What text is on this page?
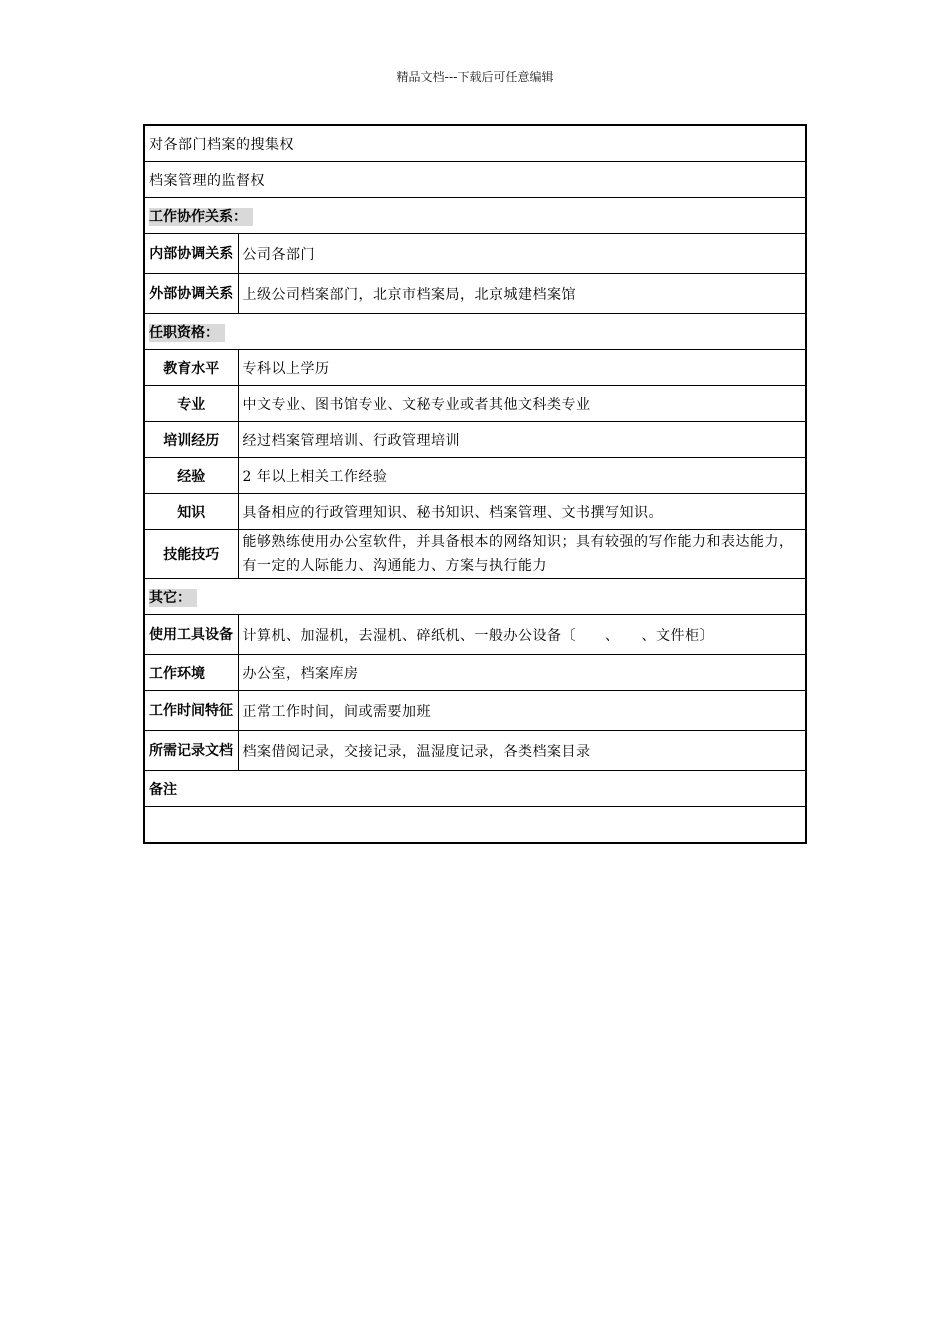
精品文档---下载后可任意编辑
对各部门档案的搜集权	
档案管理的监督权	
工作协作关系：	
内部协调关系	公司各部门
外部协调关系	上级公司档案部门，北京市档案局，北京城建档案馆
任职资格：	
教育水平	专科以上学历
专业	中文专业、图书馆专业、文秘专业或者其他文科类专业
培训经历	经过档案管理培训、行政管理培训
经验	2 年以上相关工作经验
知识	具备相应的行政管理知识、秘书知识、档案管理、文书撰写知识。
技能技巧	能够熟练使用办公室软件，并具备根本的网络知识；具有较强的写作能力和表达能力，有一定的人际能力、沟通能力、方案与执行能力
其它：	
使用工具设备	计算机、加湿机，去湿机、碎纸机、一般办公设备〔　　、　　、文件柜〕
工作环境	办公室，档案库房
工作时间特征	正常工作时间，间或需要加班
所需记录文档	档案借阅记录，交接记录，温湿度记录，各类档案目录
备注	
